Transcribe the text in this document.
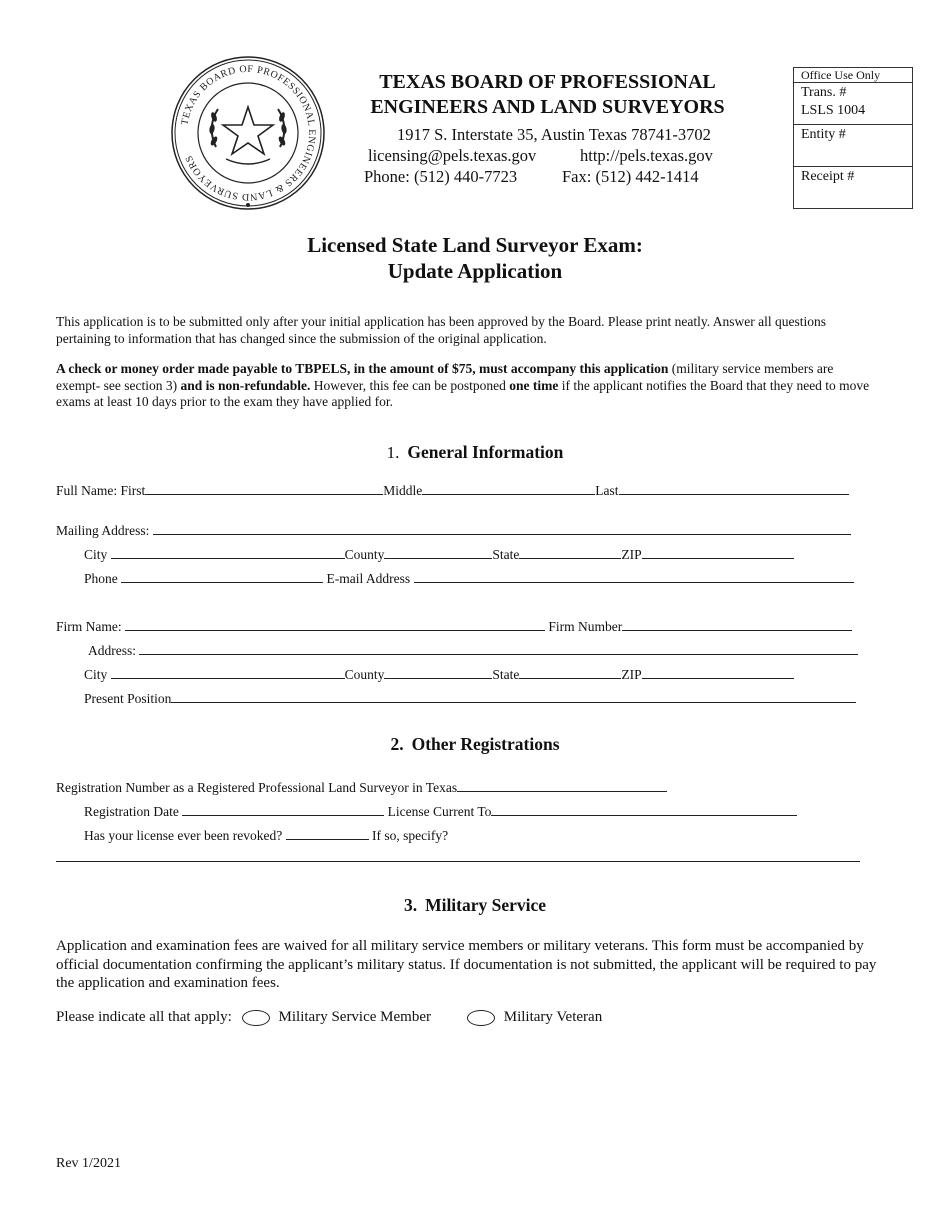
TEXAS BOARD OF PROFESSIONAL ENGINEERS & LAND SURVEYORS
TEXAS BOARD OF PROFESSIONAL
ENGINEERS AND LAND SURVEYORS
1917 S. Interstate 35, Austin Texas 78741-3702
licensing@pels.texas.gov	http://pels.texas.gov
Phone: (512) 440-7723	Fax: (512) 442-1414
Office Use Only
Trans. #
LSLS 1004
Entity #
Receipt #
Licensed State Land Surveyor Exam:
Update Application
This application is to be submitted only after your initial application has been approved by the Board. Please print neatly. Answer all questions pertaining to information that has changed since the submission of the original application.
A check or money order made payable to TBPELS, in the amount of $75, must accompany this application (military service members are exempt- see section 3) and is non-refundable. However, this fee can be postponed one time if the applicant notifies the Board that they need to move exams at least 10 days prior to the exam they have applied for.
1. General Information
Full Name: First	Middle	Last
Mailing Address:
City	County	State	ZIP
Phone	E-mail Address
Firm Name:	Firm Number
Address:
City	County	State	ZIP
Present Position
2. Other Registrations
Registration Number as a Registered Professional Land Surveyor in Texas
Registration Date	License Current To
Has your license ever been revoked?	If so, specify?
3. Military Service
Application and examination fees are waived for all military service members or military veterans. This form must be accompanied by official documentation confirming the applicant’s military status. If documentation is not submitted, the applicant will be required to pay the application and examination fees.
Please indicate all that apply:	Military Service Member	Military Veteran
Rev 1/2021
